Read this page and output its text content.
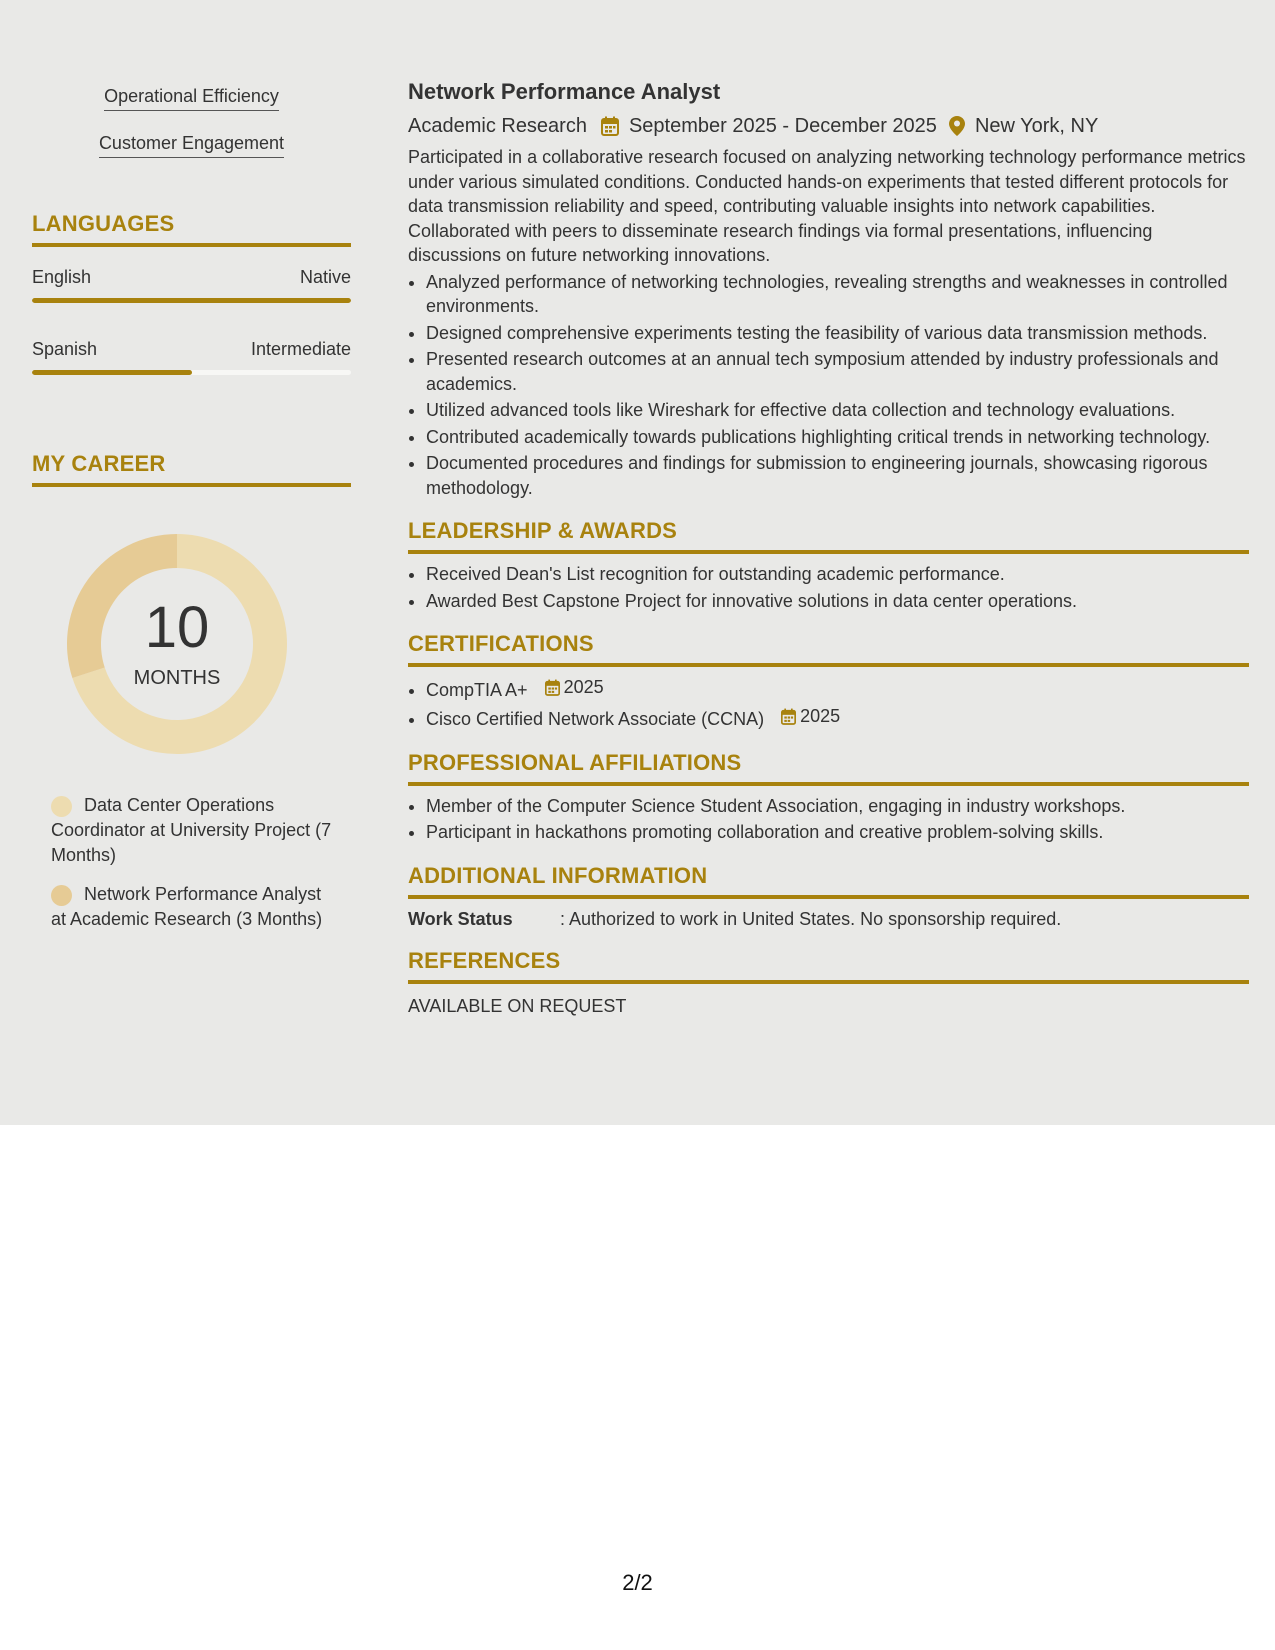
Operational Efficiency
Customer Engagement
LANGUAGES
English	Native
Spanish	Intermediate
MY CAREER
10
MONTHS
Data Center Operations Coordinator at University Project (7 Months)
Network Performance Analyst at Academic Research (3 Months)
Network Performance Analyst
Academic Research September 2025 - December 2025 New York, NY
Participated in a collaborative research focused on analyzing networking technology performance metrics under various simulated conditions. Conducted hands-on experiments that tested different protocols for data transmission reliability and speed, contributing valuable insights into network capabilities. Collaborated with peers to disseminate research findings via formal presentations, influencing discussions on future networking innovations.
• Analyzed performance of networking technologies, revealing strengths and weaknesses in controlled environments.
• Designed comprehensive experiments testing the feasibility of various data transmission methods.
• Presented research outcomes at an annual tech symposium attended by industry professionals and academics.
• Utilized advanced tools like Wireshark for effective data collection and technology evaluations.
• Contributed academically towards publications highlighting critical trends in networking technology.
• Documented procedures and findings for submission to engineering journals, showcasing rigorous methodology.
LEADERSHIP & AWARDS
• Received Dean's List recognition for outstanding academic performance.
• Awarded Best Capstone Project for innovative solutions in data center operations.
CERTIFICATIONS
• CompTIA A+ 2025
• Cisco Certified Network Associate (CCNA) 2025
PROFESSIONAL AFFILIATIONS
• Member of the Computer Science Student Association, engaging in industry workshops.
• Participant in hackathons promoting collaboration and creative problem-solving skills.
ADDITIONAL INFORMATION
Work Status	: Authorized to work in United States. No sponsorship required.
REFERENCES
AVAILABLE ON REQUEST
2/2
